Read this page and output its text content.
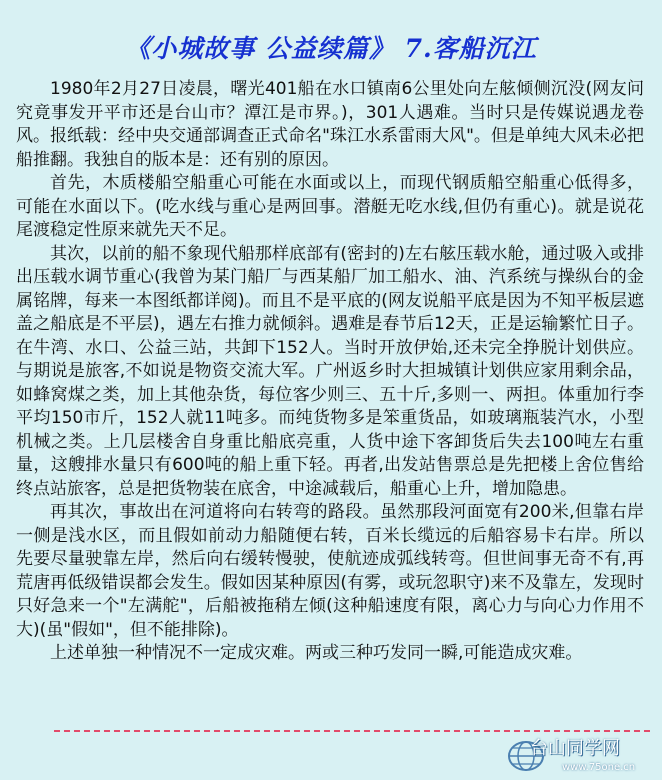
《小城故事 公益续篇》 7.客船沉江

1980年2月27日凌晨，曙光401船在水口镇南6公里处向左舷倾侧沉没(网友问究竟事发开平市还是台山市？潭江是市界。)，301人遇难。当时只是传媒说遇龙卷风。报纸载：经中央交通部调查正式命名"珠江水系雷雨大风"。但是单纯大风未必把船推翻。我独自的版本是：还有别的原因。

首先，木质楼船空船重心可能在水面或以上，而现代钢质船空船重心低得多，可能在水面以下。(吃水线与重心是两回事。潜艇无吃水线,但仍有重心)。就是说花尾渡稳定性原来就先天不足。

其次，以前的船不象现代船那样底部有(密封的)左右舷压载水舱，通过吸入或排出压载水调节重心(我曾为某门船厂与西某船厂加工船水、油、汽系统与操纵台的金属铭牌，每来一本图纸都详阅)。而且不是平底的(网友说船平底是因为不知平板层遮盖之船底是不平层)，遇左右推力就倾斜。遇难是春节后12天，正是运输繁忙日子。在牛湾、水口、公益三站，共卸下152人。当时开放伊始,还未完全挣脱计划供应。与期说是旅客,不如说是物资交流大军。广州返乡时大担城镇计划供应家用剩余品，如蜂窝煤之类，加上其他杂货，每位客少则三、五十斤,多则一、两担。体重加行李平均150市斤，152人就11吨多。而纯货物多是笨重货品，如玻璃瓶装汽水，小型机械之类。上几层楼舍自身重比船底亮重，人货中途下客卸货后失去100吨左右重量，这艘排水量只有600吨的船上重下轻。再者,出发站售票总是先把楼上舍位售给终点站旅客，总是把货物装在底舍，中途减载后，船重心上升，增加隐患。

再其次，事故出在河道将向右转弯的路段。虽然那段河面宽有200米,但靠右岸一侧是浅水区，而且假如前动力船随便右转，百米长缆远的后船容易卡右岸。所以先要尽量驶靠左岸，然后向右缓转慢驶，使航迹成弧线转弯。但世间事无奇不有,再荒唐再低级错误都会发生。假如因某种原因(有雾，或玩忽职守)来不及靠左，发现时只好急来一个"左满舵"，后船被拖稍左倾(这种船速度有限，离心力与向心力作用不大)(虽"假如"，但不能排除)。

上述单独一种情况不一定成灾难。两或三种巧发同一瞬,可能造成灾难。

台山同学网
www.75one.cn
